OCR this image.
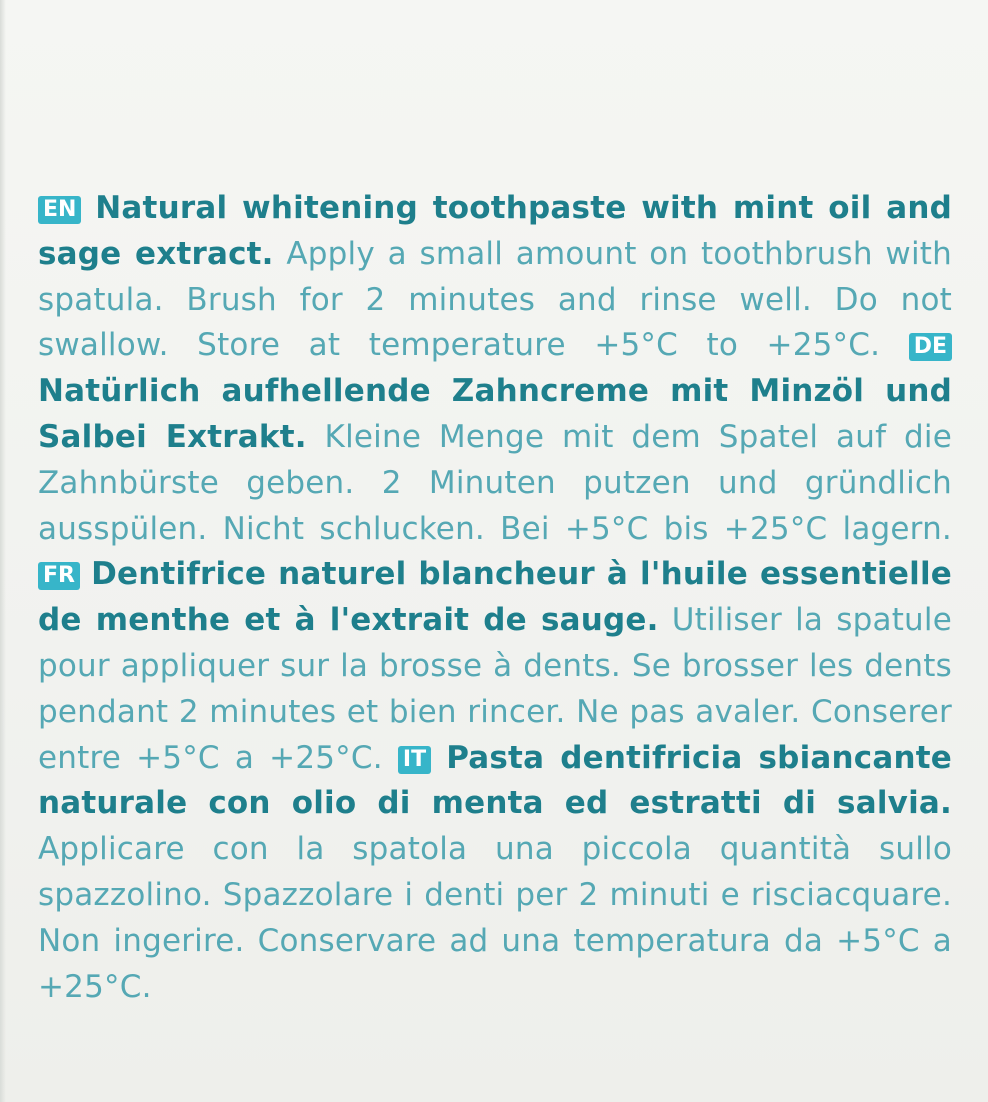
EN Natural whitening toothpaste with mint oil and sage extract. Apply a small amount on toothbrush with spatula. Brush for 2 minutes and rinse well. Do not swallow. Store at temperature +5°C to +25°C. DE Natürlich aufhellende Zahncreme mit Minzöl und Salbei Extrakt. Kleine Menge mit dem Spatel auf die Zahnbürste geben. 2 Minuten putzen und gründlich ausspülen. Nicht schlucken. Bei +5°C bis +25°C lagern. FR Dentifrice naturel blancheur à l'huile essentielle de menthe et à l'extrait de sauge. Utiliser la spatule pour appliquer sur la brosse à dents. Se brosser les dents pendant 2 minutes et bien rincer. Ne pas avaler. Conserer entre +5°C a +25°C. IT Pasta dentifricia sbiancante naturale con olio di menta ed estratti di salvia. Applicare con la spatola una piccola quantità sullo spazzolino. Spazzolare i denti per 2 minuti e risciacquare. Non ingerire. Conservare ad una temperatura da +5°C a +25°C.
